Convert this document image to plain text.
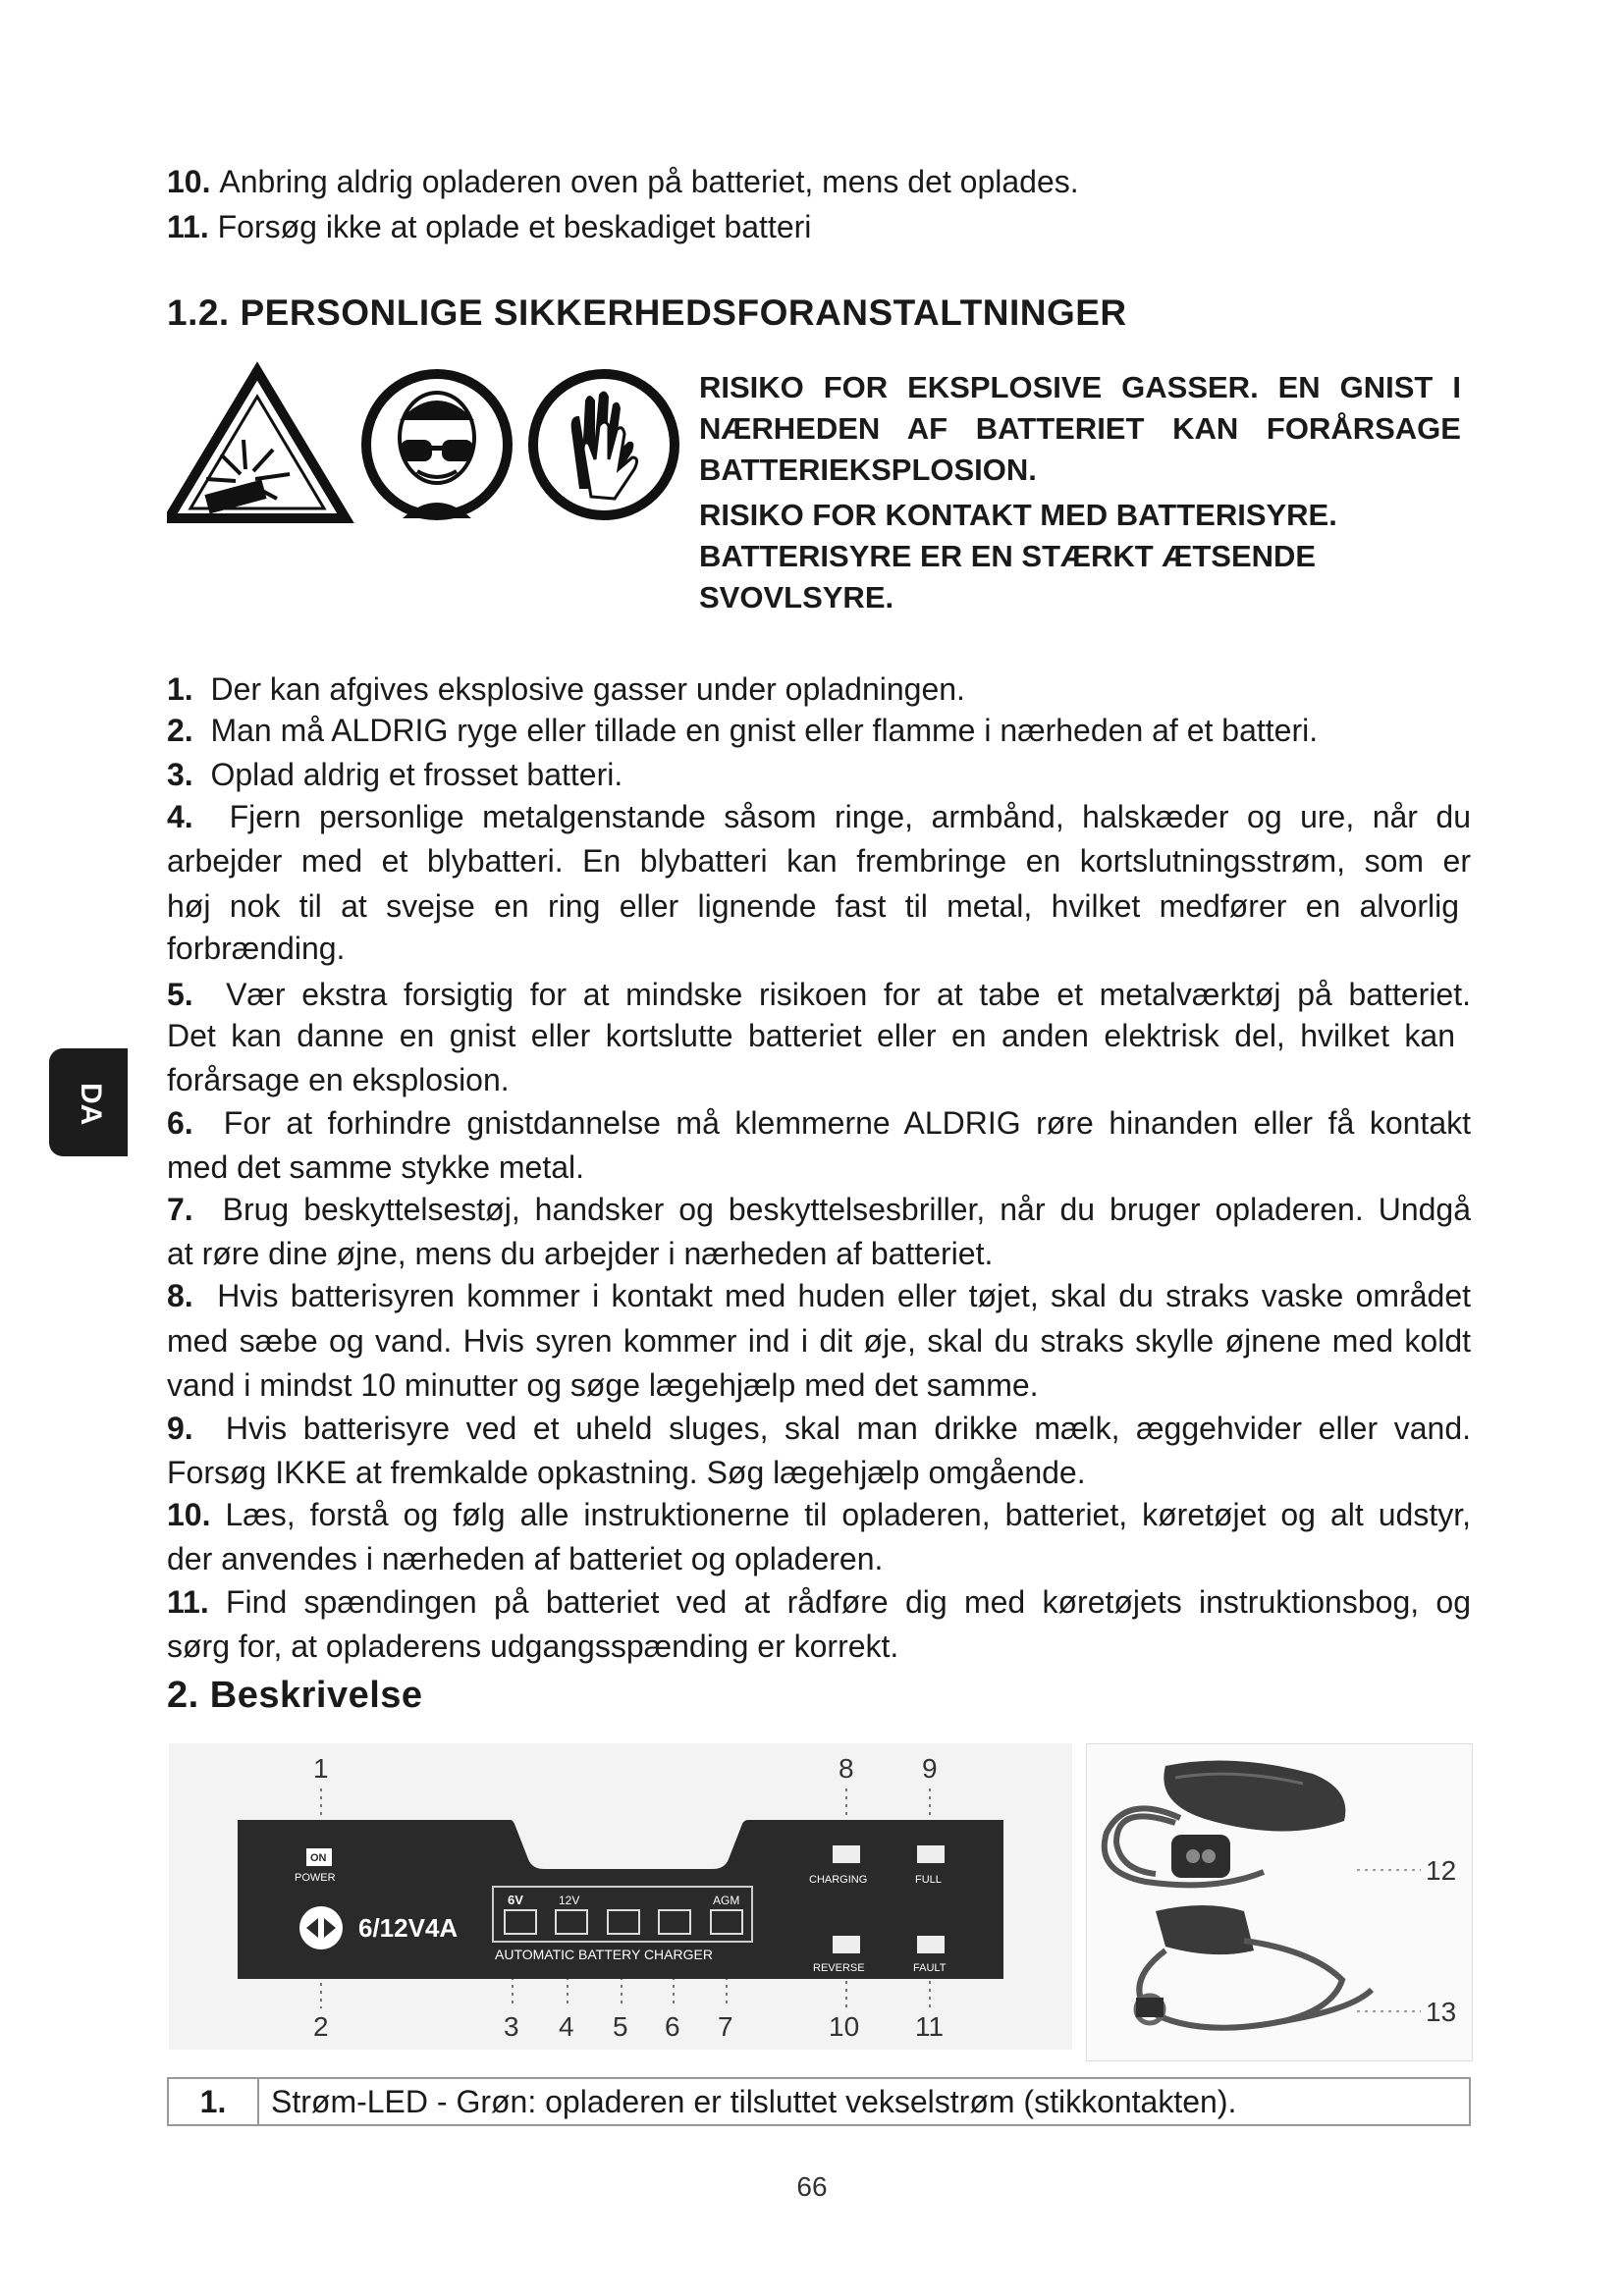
10. Anbring aldrig opladeren oven på batteriet, mens det oplades.
11. Forsøg ikke at oplade et beskadiget batteri
1.2. PERSONLIGE SIKKERHEDSFORANSTALTNINGER
RISIKO FOR EKSPLOSIVE GASSER. EN GNIST I
NÆRHEDEN AF BATTERIET KAN FORÅRSAGE
BATTERIEKSPLOSION.
RISIKO FOR KONTAKT MED BATTERISYRE.
BATTERISYRE ER EN STÆRKT ÆTSENDE
SVOVLSYRE.
1. Der kan afgives eksplosive gasser under opladningen.
2. Man må ALDRIG ryge eller tillade en gnist eller flamme i nærheden af et batteri.
3. Oplad aldrig et frosset batteri.
4. Fjern personlige metalgenstande såsom ringe, armbånd, halskæder og ure, når du
arbejder med et blybatteri. En blybatteri kan frembringe en kortslutningsstrøm, som er
høj nok til at svejse en ring eller lignende fast til metal, hvilket medfører en alvorlig
forbrænding.
5. Vær ekstra forsigtig for at mindske risikoen for at tabe et metalværktøj på batteriet.
Det kan danne en gnist eller kortslutte batteriet eller en anden elektrisk del, hvilket kan
forårsage en eksplosion.
6. For at forhindre gnistdannelse må klemmerne ALDRIG røre hinanden eller få kontakt
med det samme stykke metal.
7. Brug beskyttelsestøj, handsker og beskyttelsesbriller, når du bruger opladeren. Undgå
at røre dine øjne, mens du arbejder i nærheden af batteriet.
8. Hvis batterisyren kommer i kontakt med huden eller tøjet, skal du straks vaske området
med sæbe og vand. Hvis syren kommer ind i dit øje, skal du straks skylle øjnene med koldt
vand i mindst 10 minutter og søge lægehjælp med det samme.
9. Hvis batterisyre ved et uheld sluges, skal man drikke mælk, æggehvider eller vand.
Forsøg IKKE at fremkalde opkastning. Søg lægehjælp omgående.
10. Læs, forstå og følg alle instruktionerne til opladeren, batteriet, køretøjet og alt udstyr,
der anvendes i nærheden af batteriet og opladeren.
11. Find spændingen på batteriet ved at rådføre dig med køretøjets instruktionsbog, og
sørg for, at opladerens udgangsspænding er korrekt.
2. Beskrivelse
DA
ON
POWER
6/12V4A
6V	12V	AGM
AUTOMATIC BATTERY CHARGER
CHARGING	FULL
REVERSE	FAULT
1	8 9
2	3 4 5 6 7	10 11
12
13
1.	Strøm-LED - Grøn: opladeren er tilsluttet vekselstrøm (stikkontakten).
66
